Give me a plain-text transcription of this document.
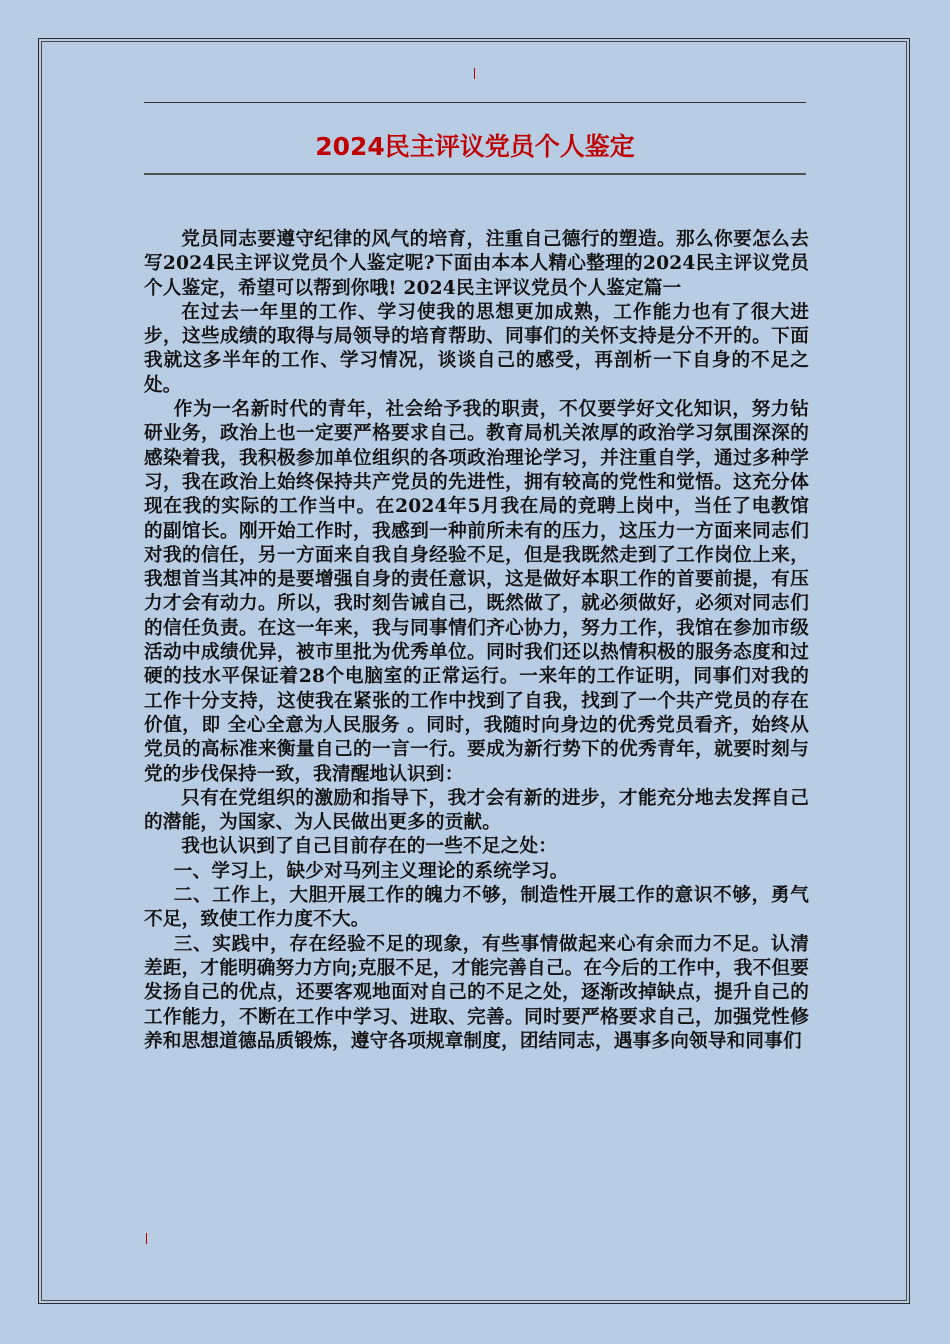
2024民主评议党员个人鉴定

党员同志要遵守纪律的风气的培育，注重自己德行的塑造。那么你要怎么去写2024民主评议党员个人鉴定呢?下面由本本人精心整理的2024民主评议党员个人鉴定，希望可以帮到你哦! 2024民主评议党员个人鉴定篇一

在过去一年里的工作、学习使我的思想更加成熟，工作能力也有了很大进步，这些成绩的取得与局领导的培育帮助、同事们的关怀支持是分不开的。下面我就这多半年的工作、学习情况，谈谈自己的感受，再剖析一下自身的不足之处。

作为一名新时代的青年，社会给予我的职责，不仅要学好文化知识，努力钻研业务，政治上也一定要严格要求自己。教育局机关浓厚的政治学习氛围深深的感染着我，我积极参加单位组织的各项政治理论学习，并注重自学，通过多种学习，我在政治上始终保持共产党员的先进性，拥有较高的党性和觉悟。这充分体现在我的实际的工作当中。在2024年5月我在局的竞聘上岗中，当任了电教馆的副馆长。刚开始工作时，我感到一种前所未有的压力，这压力一方面来同志们对我的信任，另一方面来自我自身经验不足，但是我既然走到了工作岗位上来，我想首当其冲的是要增强自身的责任意识，这是做好本职工作的首要前提，有压力才会有动力。所以，我时刻告诫自己，既然做了，就必须做好，必须对同志们的信任负责。在这一年来，我与同事情们齐心协力，努力工作，我馆在参加市级活动中成绩优异，被市里批为优秀单位。同时我们还以热情积极的服务态度和过硬的技水平保证着28个电脑室的正常运行。一来年的工作证明，同事们对我的工作十分支持，这使我在紧张的工作中找到了自我，找到了一个共产党员的存在价值，即 全心全意为人民服务 。同时，我随时向身边的优秀党员看齐，始终从党员的高标准来衡量自己的一言一行。要成为新行势下的优秀青年，就要时刻与党的步伐保持一致，我清醒地认识到：

只有在党组织的激励和指导下，我才会有新的进步，才能充分地去发挥自己的潜能，为国家、为人民做出更多的贡献。

我也认识到了自己目前存在的一些不足之处：

一、学习上，缺少对马列主义理论的系统学习。

二、工作上，大胆开展工作的魄力不够，制造性开展工作的意识不够，勇气不足，致使工作力度不大。

三、实践中，存在经验不足的现象，有些事情做起来心有余而力不足。认清差距，才能明确努力方向;克服不足，才能完善自己。在今后的工作中，我不但要发扬自己的优点，还要客观地面对自己的不足之处，逐渐改掉缺点，提升自己的工作能力，不断在工作中学习、进取、完善。同时要严格要求自己，加强党性修养和思想道德品质锻炼，遵守各项规章制度，团结同志，遇事多向领导和同事们
